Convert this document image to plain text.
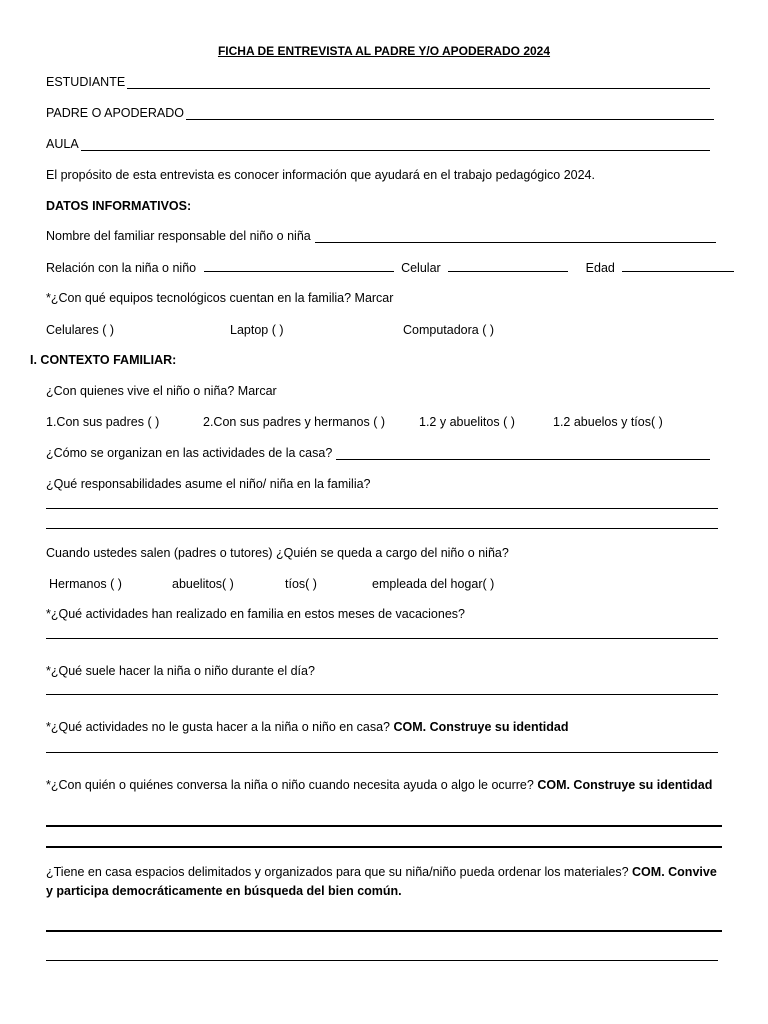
FICHA DE ENTREVISTA AL PADRE Y/O APODERADO 2024
ESTUDIANTE
PADRE O APODERADO
AULA
El propósito de esta entrevista es conocer información que ayudará en el trabajo pedagógico 2024.
DATOS INFORMATIVOS:
Nombre del familiar responsable del niño o niña
Relación con la niña o niño	Celular	Edad
*¿Con qué equipos tecnológicos cuentan en la familia? Marcar
Celulares ( )	Laptop ( )	Computadora ( )
I. CONTEXTO FAMILIAR:
¿Con quienes vive el niño o niña? Marcar
1.Con sus padres ( )	2.Con sus padres y hermanos ( )	1.2 y abuelitos ( )	1.2 abuelos y tíos( )
¿Cómo se organizan en las actividades de la casa?
¿Qué responsabilidades asume el niño/ niña en la familia?
Cuando ustedes salen (padres o tutores) ¿Quién se queda a cargo del niño o niña?
Hermanos ( )	abuelitos( )	tíos( )	empleada del hogar( )
*¿Qué actividades han realizado en familia en estos meses de vacaciones?
*¿Qué suele hacer la niña o niño durante el día?
*¿Qué actividades no le gusta hacer a la niña o niño en casa? COM. Construye su identidad
*¿Con quién o quiénes conversa la niña o niño cuando necesita ayuda o algo le ocurre? COM. Construye su identidad
¿Tiene en casa espacios delimitados y organizados para que su niña/niño pueda ordenar los materiales? COM. Convive y participa democráticamente en búsqueda del bien común.
